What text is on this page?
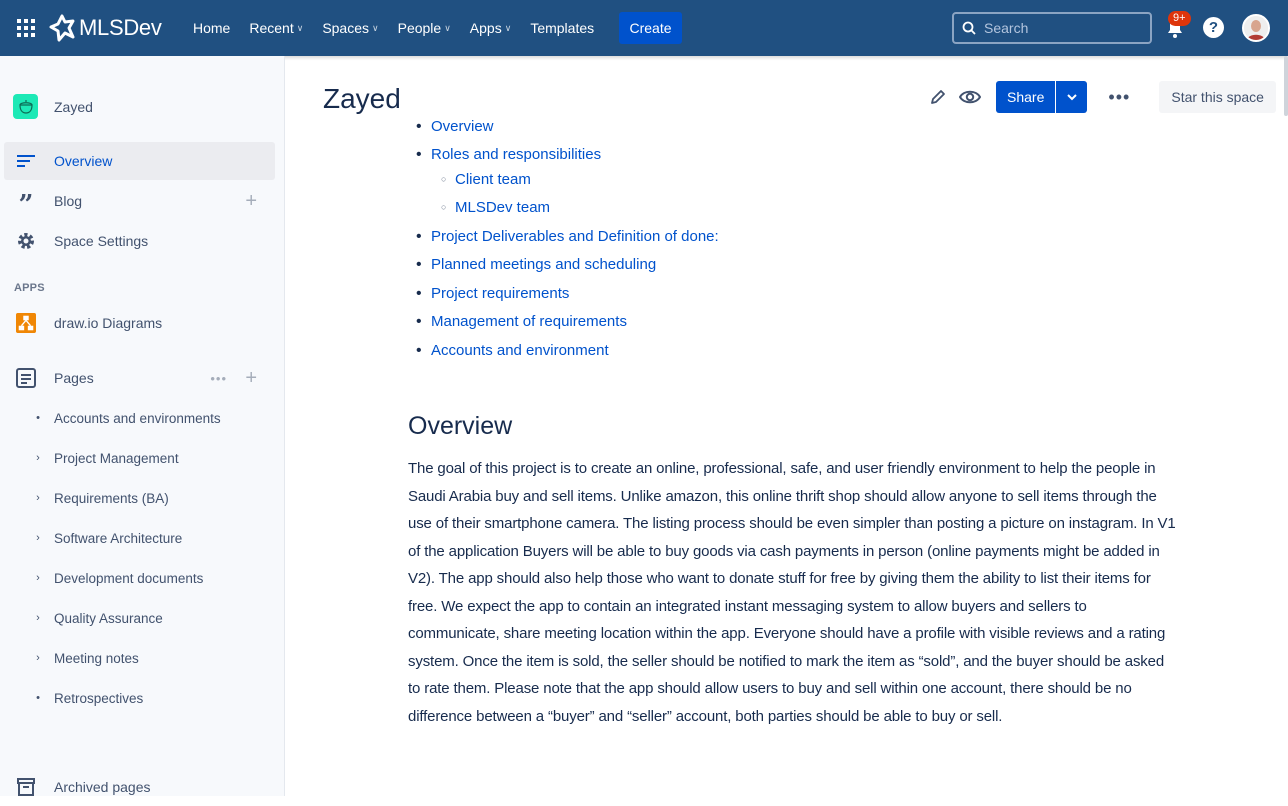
MLSDev Home Recent ∨ Spaces ∨ People ∨ Apps ∨ Templates	Create
Search
9+
?
Zayed
Overview
” Blog	+
Space Settings
APPS
draw.io Diagrams
Pages	••• +
•	Accounts and environments
›	Project Management
›	Requirements (BA)
›	Software Architecture
›	Development documents
›	Quality Assurance
›	Meeting notes
•	Retrospectives
Archived pages
Zayed	Share	•••	Star this space
• Overview
• Roles and responsibilities
○ Client team
○ MLSDev team
• Project Deliverables and Definition of done:
• Planned meetings and scheduling
• Project requirements
• Management of requirements
• Accounts and environment
Overview

The goal of this project is to create an online, professional, safe, and user friendly environment to help the people in Saudi Arabia buy and sell items. Unlike amazon, this online thrift shop should allow anyone to sell items through the use of their smartphone camera. The listing process should be even simpler than posting a picture on instagram. In V1 of the application Buyers will be able to buy goods via cash payments in person (online payments might be added in V2). The app should also help those who want to donate stuff for free by giving them the ability to list their items for free. We expect the app to contain an integrated instant messaging system to allow buyers and sellers to communicate, share meeting location within the app. Everyone should have a profile with visible reviews and a rating system. Once the item is sold, the seller should be notified to mark the item as “sold”, and the buyer should be asked to rate them. Please note that the app should allow users to buy and sell within one account, there should be no difference between a “buyer” and “seller” account, both parties should be able to buy or sell.
